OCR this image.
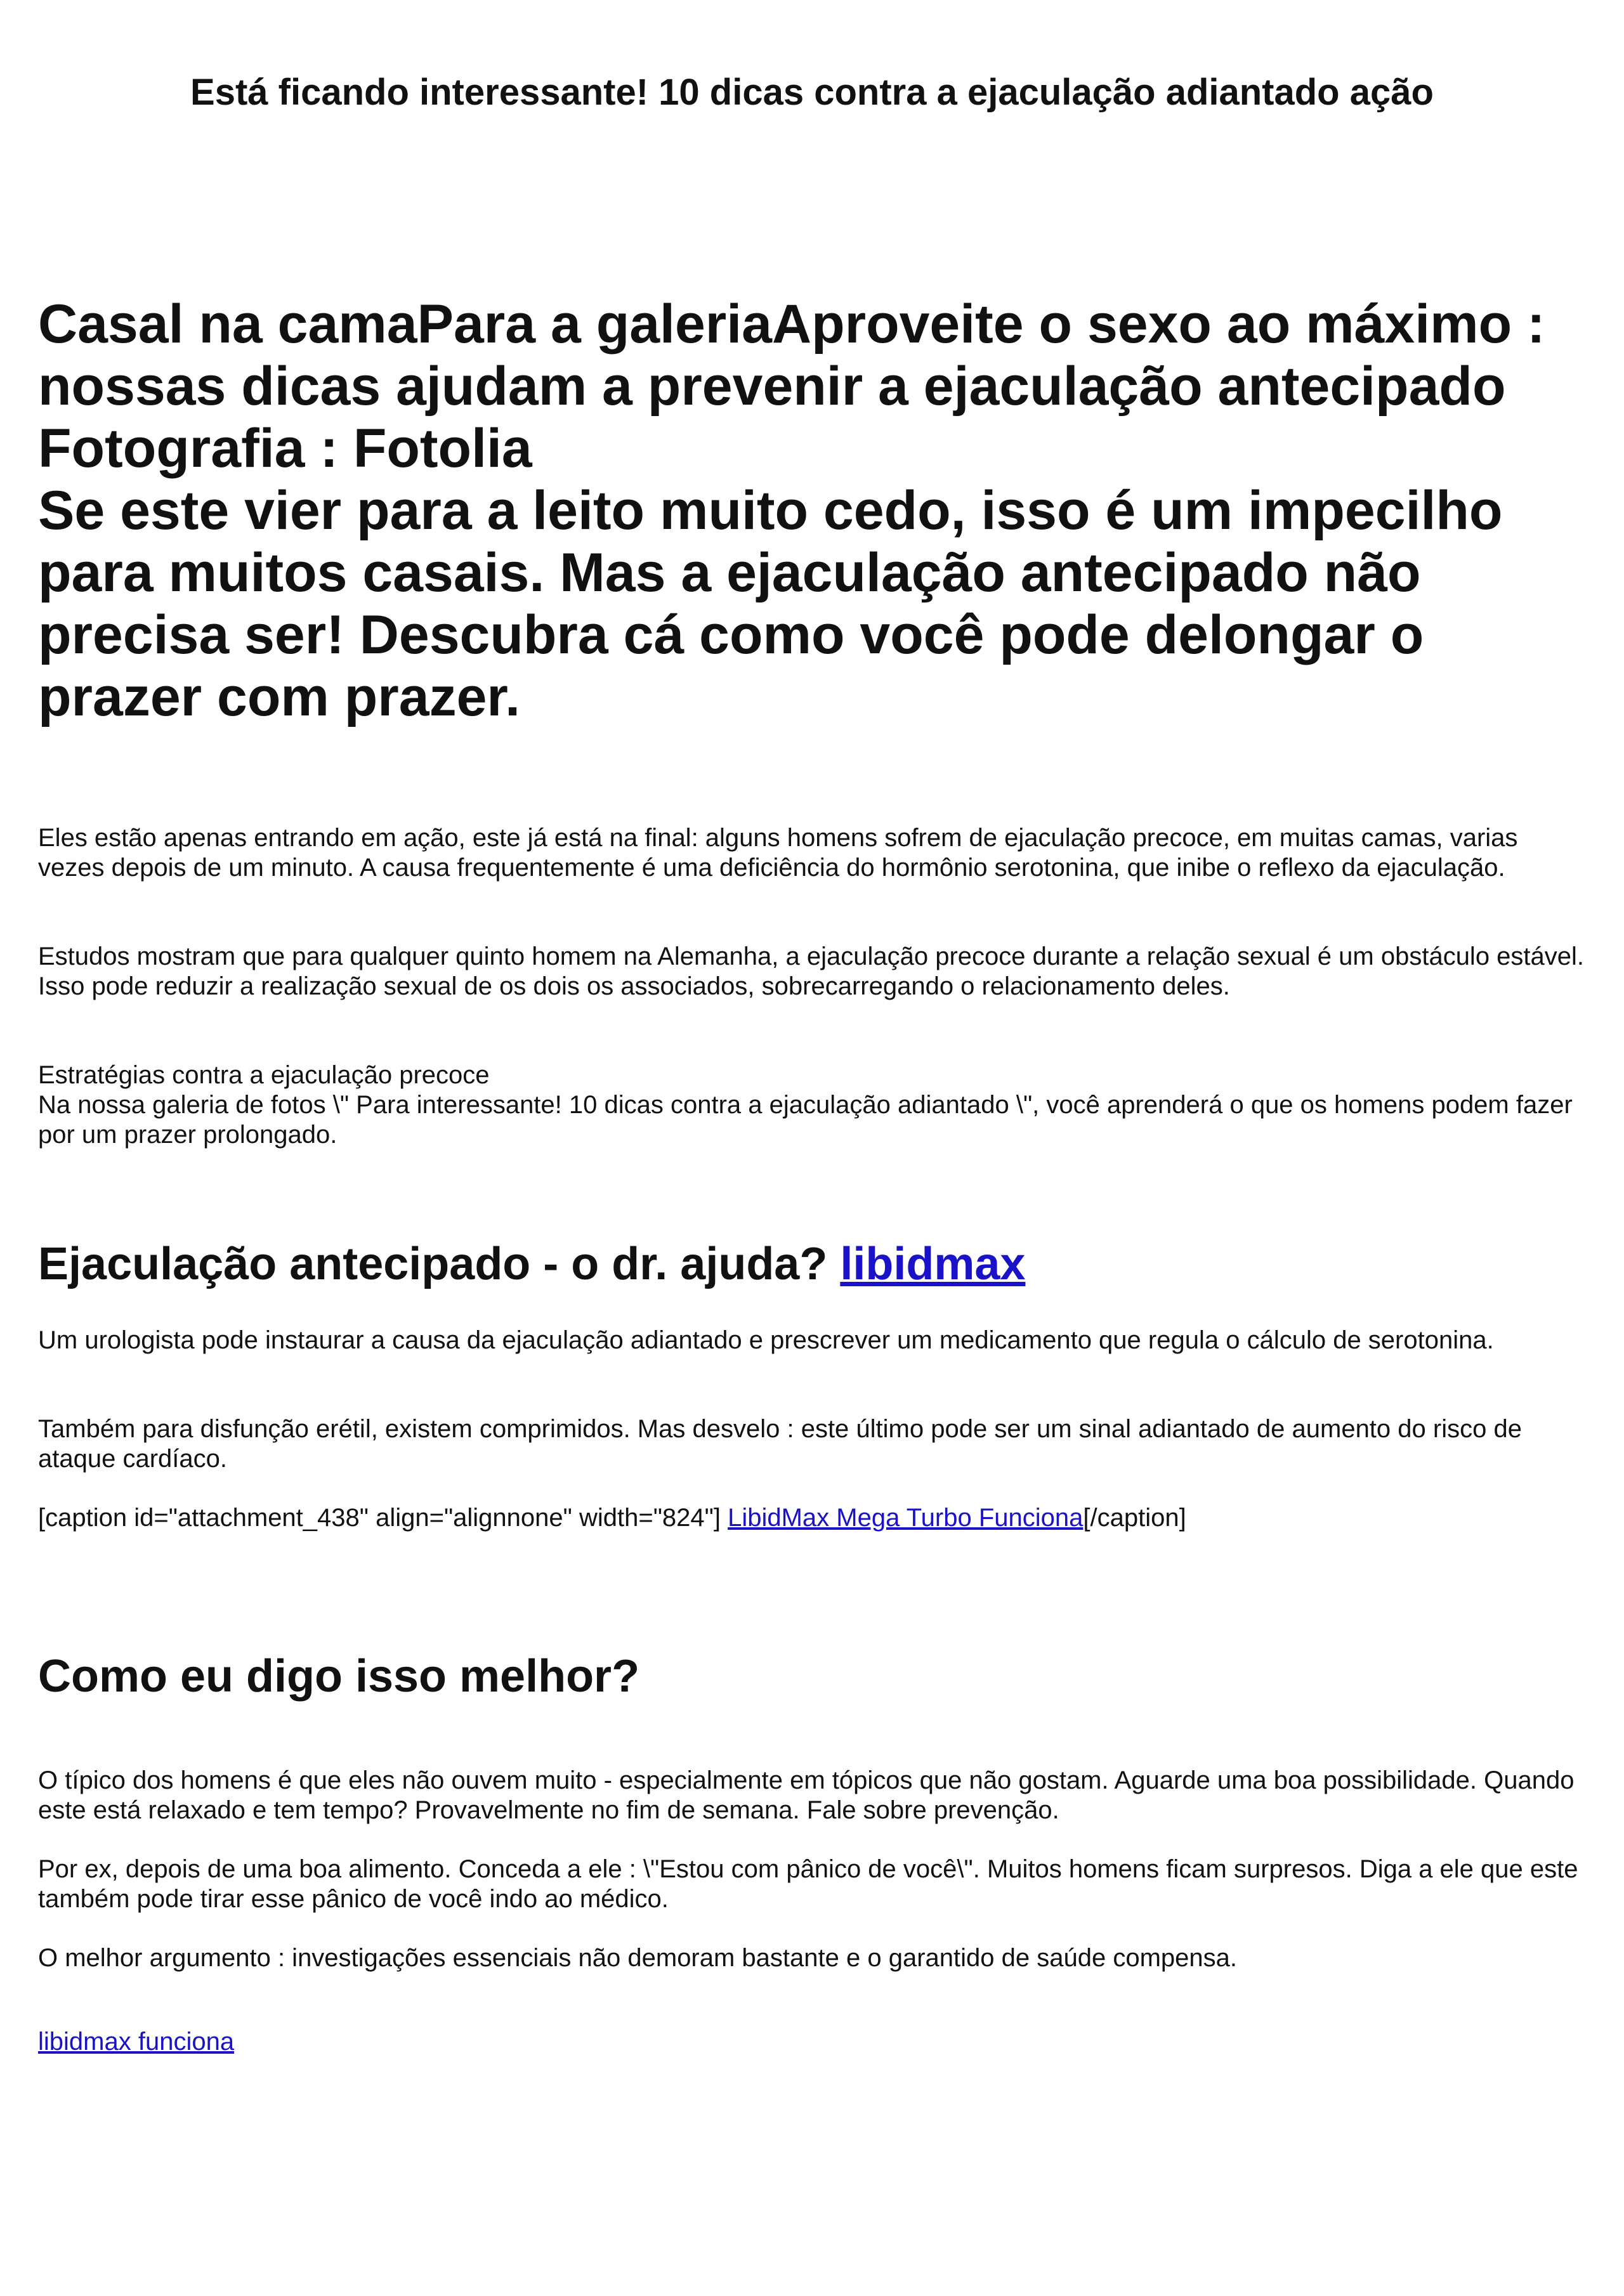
Está ficando interessante! 10 dicas contra a ejaculação adiantado ação
Casal na camaPara a galeriaAproveite o sexo ao máximo : nossas dicas ajudam a prevenir a ejaculação antecipado Fotografia : Fotolia
Se este vier para a leito muito cedo, isso é um impecilho para muitos casais. Mas a ejaculação antecipado não precisa ser! Descubra cá como você pode delongar o prazer com prazer.

Eles estão apenas entrando em ação, este já está na final: alguns homens sofrem de ejaculação precoce, em muitas camas, varias vezes depois de um minuto. A causa frequentemente é uma deficiência do hormônio serotonina, que inibe o reflexo da ejaculação.

Estudos mostram que para qualquer quinto homem na Alemanha, a ejaculação precoce durante a relação sexual é um obstáculo estável. Isso pode reduzir a realização sexual de os dois os associados, sobrecarregando o relacionamento deles.

Estratégias contra a ejaculação precoce
Na nossa galeria de fotos \" Para interessante! 10 dicas contra a ejaculação adiantado \", você aprenderá o que os homens podem fazer por um prazer prolongado.

Ejaculação antecipado - o dr. ajuda? libidmax

Um urologista pode instaurar a causa da ejaculação adiantado e prescrever um medicamento que regula o cálculo de serotonina.

Também para disfunção erétil, existem comprimidos. Mas desvelo : este último pode ser um sinal adiantado de aumento do risco de ataque cardíaco.

[caption id="attachment_438" align="alignnone" width="824"] LibidMax Mega Turbo Funciona[/caption]

Como eu digo isso melhor?

O típico dos homens é que eles não ouvem muito - especialmente em tópicos que não gostam. Aguarde uma boa possibilidade. Quando este está relaxado e tem tempo? Provavelmente no fim de semana. Fale sobre prevenção.

Por ex, depois de uma boa alimento. Conceda a ele : \"Estou com pânico de você\". Muitos homens ficam surpresos. Diga a ele que este também pode tirar esse pânico de você indo ao médico.

O melhor argumento : investigações essenciais não demoram bastante e o garantido de saúde compensa.

libidmax funciona
